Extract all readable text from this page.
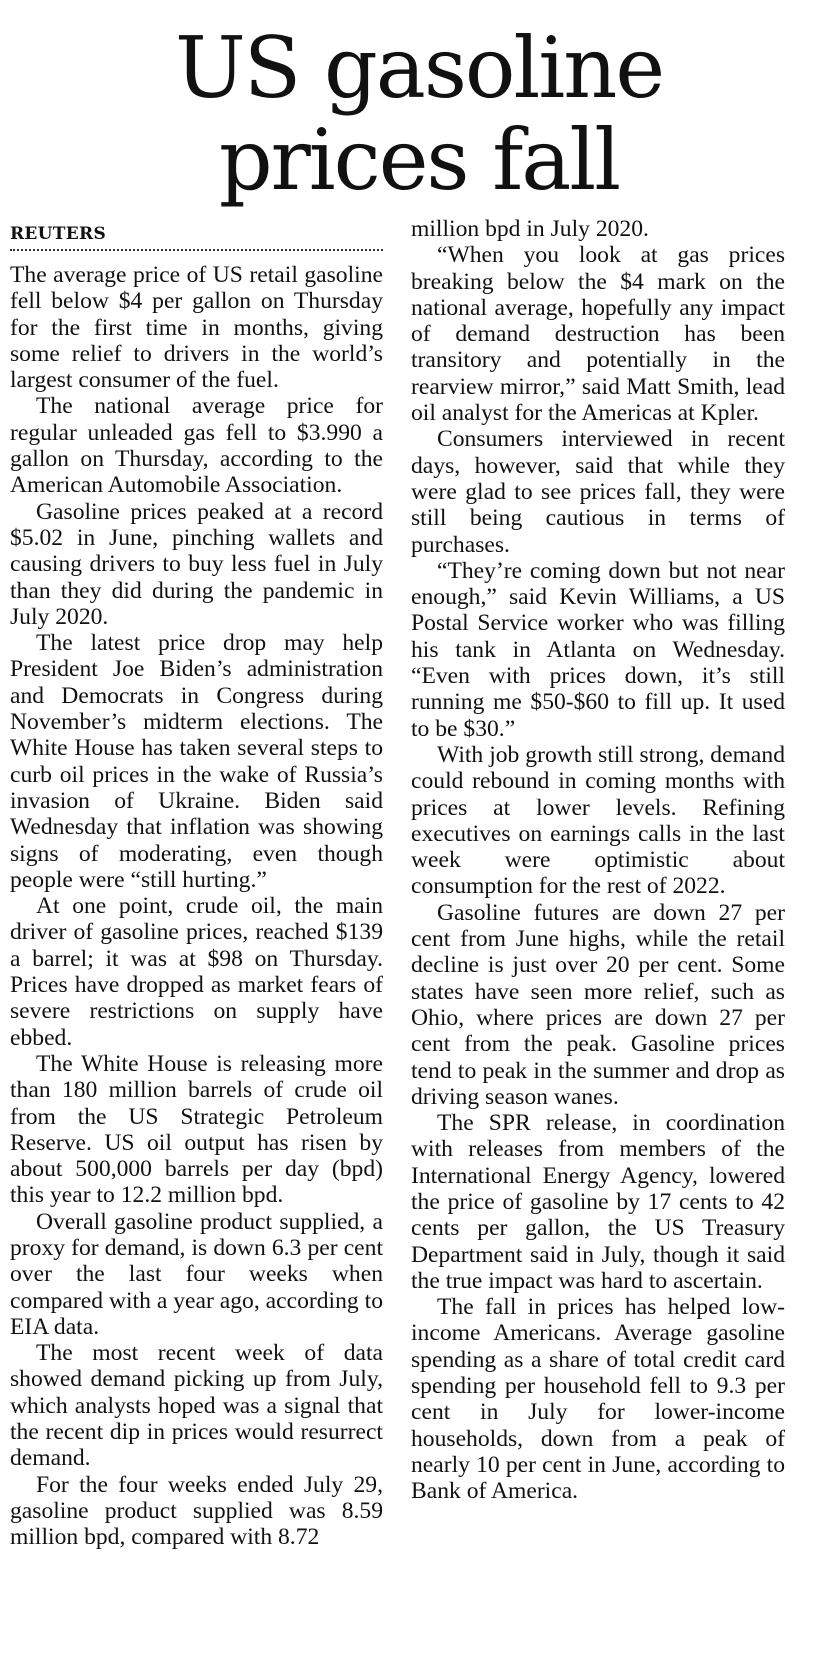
US gasoline
prices fall
REUTERS

The average price of US retail gasoline fell below $4 per gallon on Thursday for the first time in months, giving some relief to drivers in the world’s largest consumer of the fuel.

The national average price for regular unleaded gas fell to $3.990 a gallon on Thursday, according to the American Automobile Association.

Gasoline prices peaked at a record $5.02 in June, pinching wallets and causing drivers to buy less fuel in July than they did during the pandemic in July 2020.

The latest price drop may help President Joe Biden’s administration and Democrats in Congress during November’s midterm elections. The White House has taken several steps to curb oil prices in the wake of Russia’s invasion of Ukraine. Biden said Wednesday that inflation was showing signs of moderating, even though people were “still hurting.”

At one point, crude oil, the main driver of gasoline prices, reached $139 a barrel; it was at $98 on Thursday. Prices have dropped as market fears of severe restrictions on supply have ebbed.

The White House is releasing more than 180 million barrels of crude oil from the US Strategic Petroleum Reserve. US oil output has risen by about 500,000 barrels per day (bpd) this year to 12.2 million bpd.

Overall gasoline product supplied, a proxy for demand, is down 6.3 per cent over the last four weeks when compared with a year ago, according to EIA data.

The most recent week of data showed demand picking up from July, which analysts hoped was a signal that the recent dip in prices would resurrect demand.

For the four weeks ended July 29, gasoline product supplied was 8.59 million bpd, compared with 8.72

million bpd in July 2020.

“When you look at gas prices breaking below the $4 mark on the national average, hopefully any impact of demand destruction has been transitory and potentially in the rearview mirror,” said Matt Smith, lead oil analyst for the Americas at Kpler.

Consumers interviewed in recent days, however, said that while they were glad to see prices fall, they were still being cautious in terms of purchases.

“They’re coming down but not near enough,” said Kevin Williams, a US Postal Service worker who was filling his tank in Atlanta on Wednesday. “Even with prices down, it’s still running me $50-$60 to fill up. It used to be $30.”

With job growth still strong, demand could rebound in coming months with prices at lower levels. Refining executives on earnings calls in the last week were optimistic about consumption for the rest of 2022.

Gasoline futures are down 27 per cent from June highs, while the retail decline is just over 20 per cent. Some states have seen more relief, such as Ohio, where prices are down 27 per cent from the peak. Gasoline prices tend to peak in the summer and drop as driving season wanes.

The SPR release, in coordination with releases from members of the International Energy Agency, lowered the price of gasoline by 17 cents to 42 cents per gallon, the US Treasury Department said in July, though it said the true impact was hard to ascertain.

The fall in prices has helped low-income Americans. Average gasoline spending as a share of total credit card spending per household fell to 9.3 per cent in July for lower-income households, down from a peak of nearly 10 per cent in June, according to Bank of America.
